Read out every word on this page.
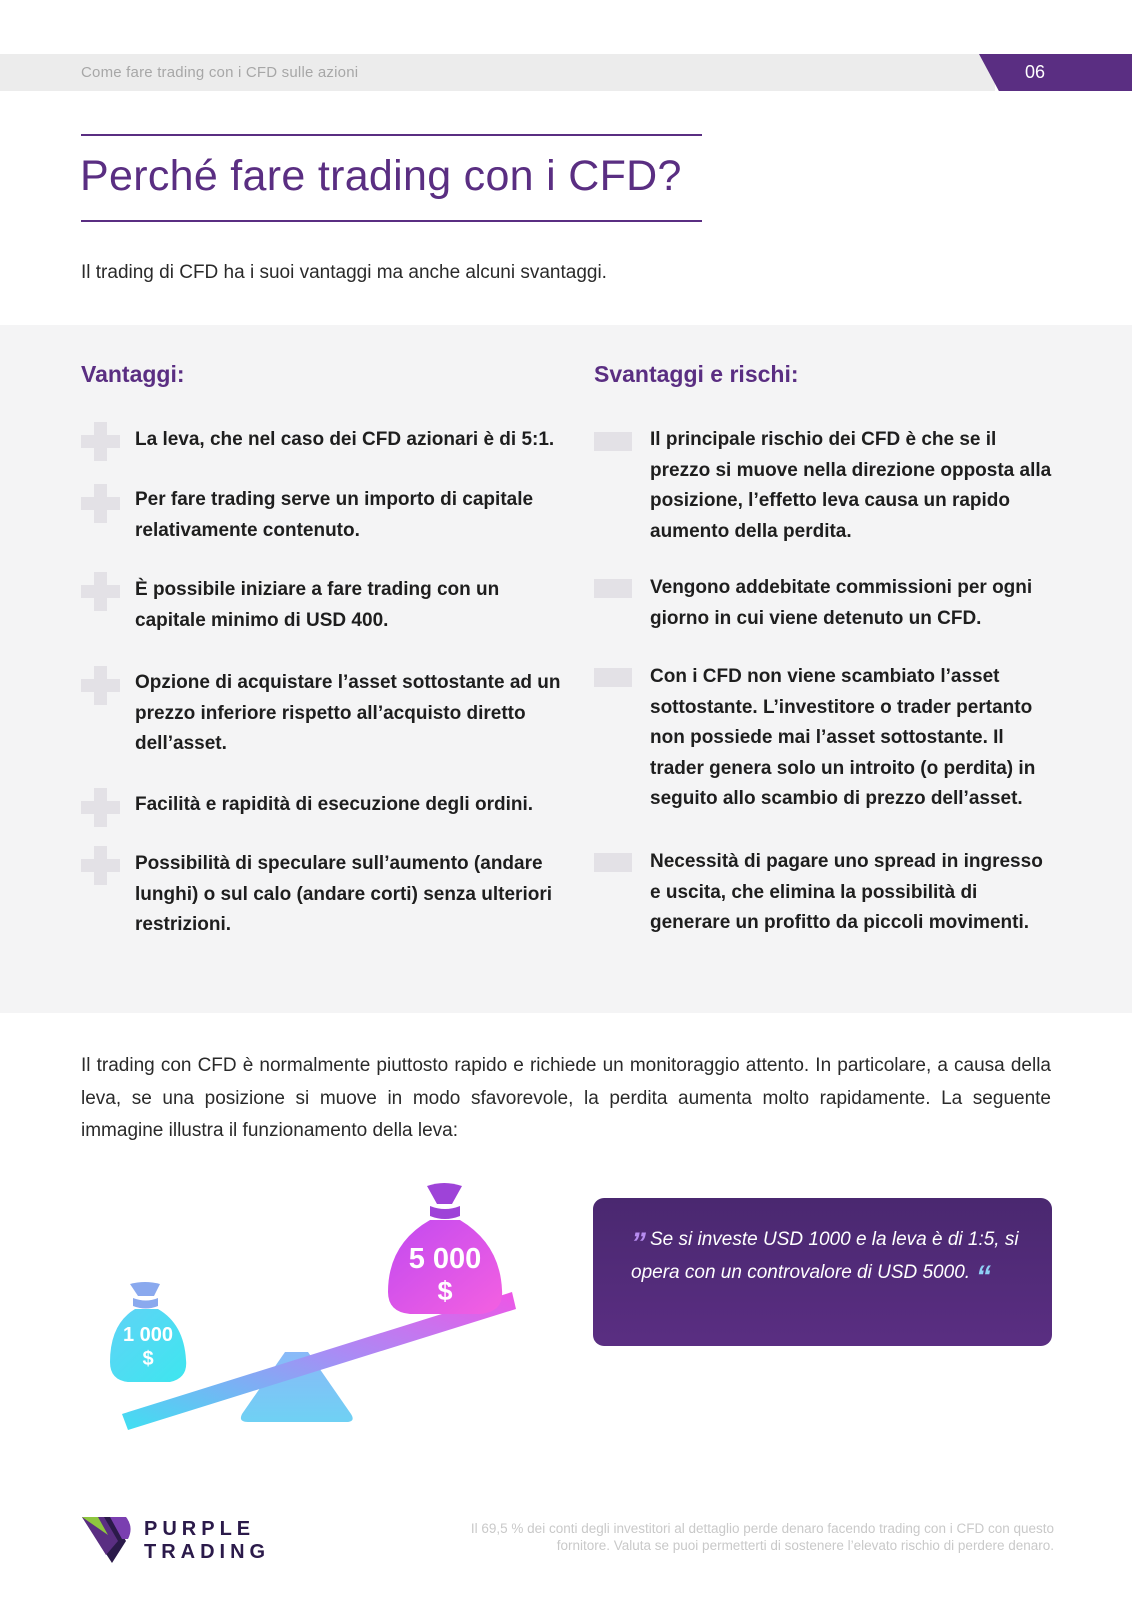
Come fare trading con i CFD sulle azioni	06
Perché fare trading con i CFD?

Il trading di CFD ha i suoi vantaggi ma anche alcuni svantaggi.

Vantaggi:	Svantaggi e rischi:
La leva, che nel caso dei CFD azionari è di 5:1.
Per fare trading serve un importo di capitale relativamente contenuto.
È possibile iniziare a fare trading con un capitale minimo di USD 400.
Opzione di acquistare l’asset sottostante ad un prezzo inferiore rispetto all’acquisto diretto dell’asset.
Facilità e rapidità di esecuzione degli ordini.
Possibilità di speculare sull’aumento (andare lunghi) o sul calo (andare corti) senza ulteriori restrizioni.
Il principale rischio dei CFD è che se il prezzo si muove nella direzione opposta alla posizione, l’effetto leva causa un rapido aumento della perdita.
Vengono addebitate commissioni per ogni giorno in cui viene detenuto un CFD.
Con i CFD non viene scambiato l’asset sottostante. L’investitore o trader pertanto non possiede mai l’asset sottostante. Il trader genera solo un introito (o perdita) in seguito allo scambio di prezzo dell’asset.
Necessità di pagare uno spread in ingresso e uscita, che elimina la possibilità di generare un profitto da piccoli movimenti.

Il trading con CFD è normalmente piuttosto rapido e richiede un monitoraggio attento. In particolare, a causa della leva, se una posizione si muove in modo sfavorevole, la perdita aumenta molto rapidamente. La seguente immagine illustra il funzionamento della leva:

5 000
$
1 000
$

” Se si investe USD 1000 e la leva è di 1:5, si opera con un controvalore di USD 5000. “

PURPLE
TRADING

Il 69,5 % dei conti degli investitori al dettaglio perde denaro facendo trading con i CFD con questo fornitore. Valuta se puoi permetterti di sostenere l’elevato rischio di perdere denaro.
